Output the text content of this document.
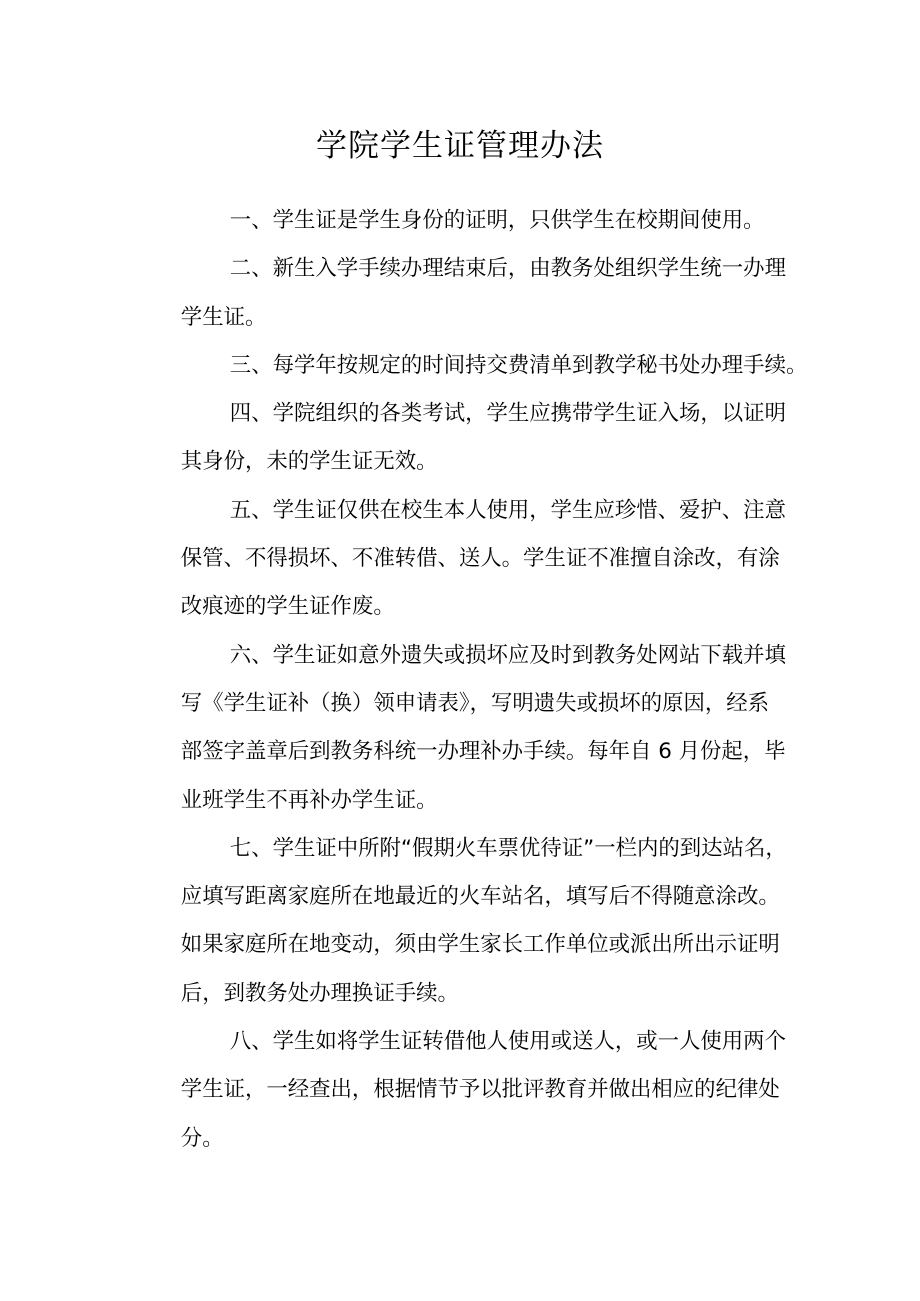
学院学生证管理办法
一、学生证是学生身份的证明，只供学生在校期间使用。
二、新生入学手续办理结束后，由教务处组织学生统一办理
学生证。
三、每学年按规定的时间持交费清单到教学秘书处办理手续。
四、学院组织的各类考试，学生应携带学生证入场，以证明
其身份，未的学生证无效。
五、学生证仅供在校生本人使用，学生应珍惜、爱护、注意
保管、不得损坏、不准转借、送人。学生证不准擅自涂改，有涂
改痕迹的学生证作废。
六、学生证如意外遗失或损坏应及时到教务处网站下载并填
写《学生证补（换）领申请表》，写明遗失或损坏的原因，经系
部签字盖章后到教务科统一办理补办手续。每年自 6 月份起，毕
业班学生不再补办学生证。
七、学生证中所附“假期火车票优待证”一栏内的到达站名，
应填写距离家庭所在地最近的火车站名，填写后不得随意涂改。
如果家庭所在地变动，须由学生家长工作单位或派出所出示证明
后，到教务处办理换证手续。
八、学生如将学生证转借他人使用或送人，或一人使用两个
学生证，一经查出，根据情节予以批评教育并做出相应的纪律处
分。
